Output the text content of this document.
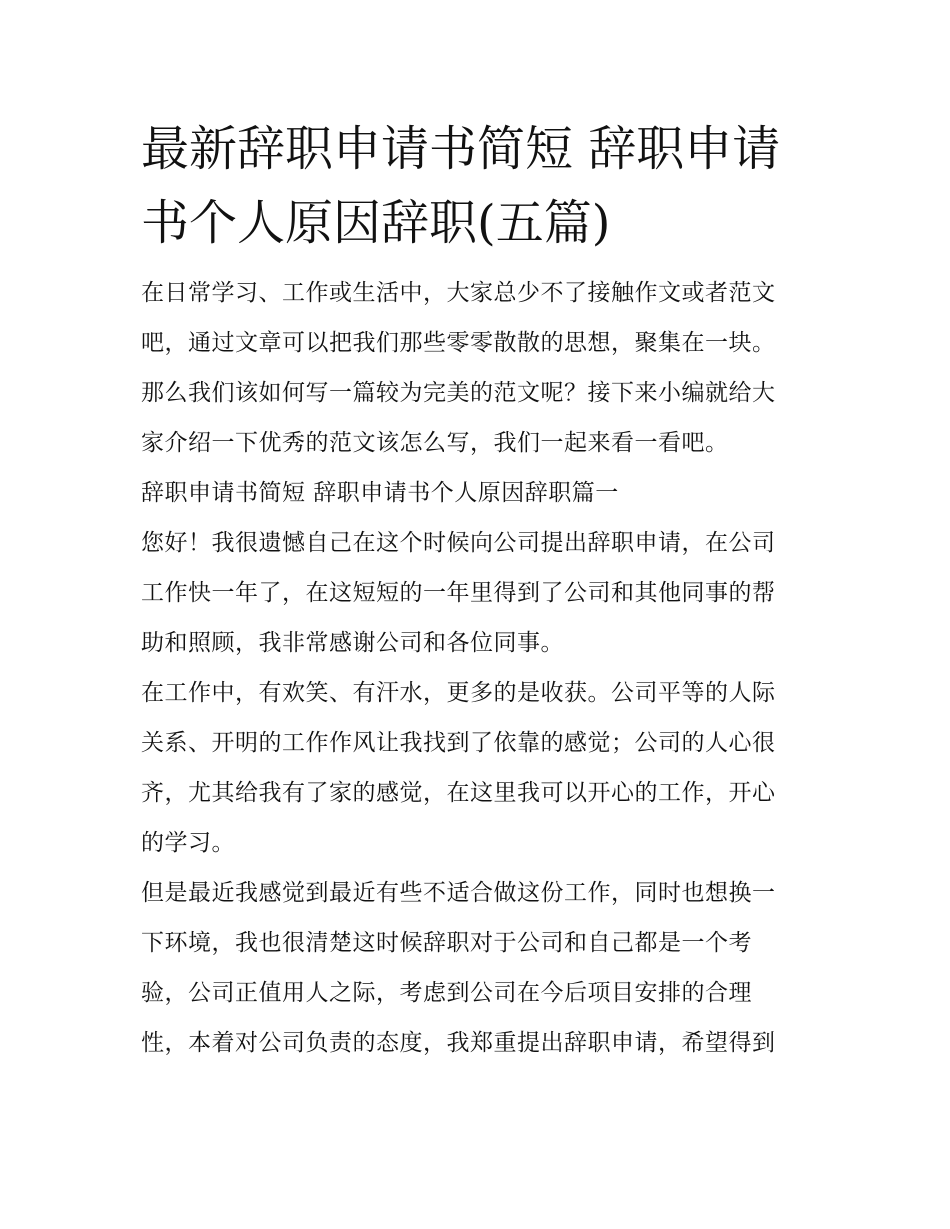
最新辞职申请书简短 辞职申请
书个人原因辞职(五篇)

在日常学习、工作或生活中，大家总少不了接触作文或者范文
吧，通过文章可以把我们那些零零散散的思想，聚集在一块。
那么我们该如何写一篇较为完美的范文呢？接下来小编就给大
家介绍一下优秀的范文该怎么写，我们一起来看一看吧。

辞职申请书简短 辞职申请书个人原因辞职篇一

您好！我很遗憾自己在这个时候向公司提出辞职申请，在公司
工作快一年了，在这短短的一年里得到了公司和其他同事的帮
助和照顾，我非常感谢公司和各位同事。

在工作中，有欢笑、有汗水，更多的是收获。公司平等的人际
关系、开明的工作作风让我找到了依靠的感觉；公司的人心很
齐，尤其给我有了家的感觉，在这里我可以开心的工作，开心
的学习。

但是最近我感觉到最近有些不适合做这份工作，同时也想换一
下环境，我也很清楚这时候辞职对于公司和自己都是一个考
验，公司正值用人之际，考虑到公司在今后项目安排的合理
性，本着对公司负责的态度，我郑重提出辞职申请，希望得到
